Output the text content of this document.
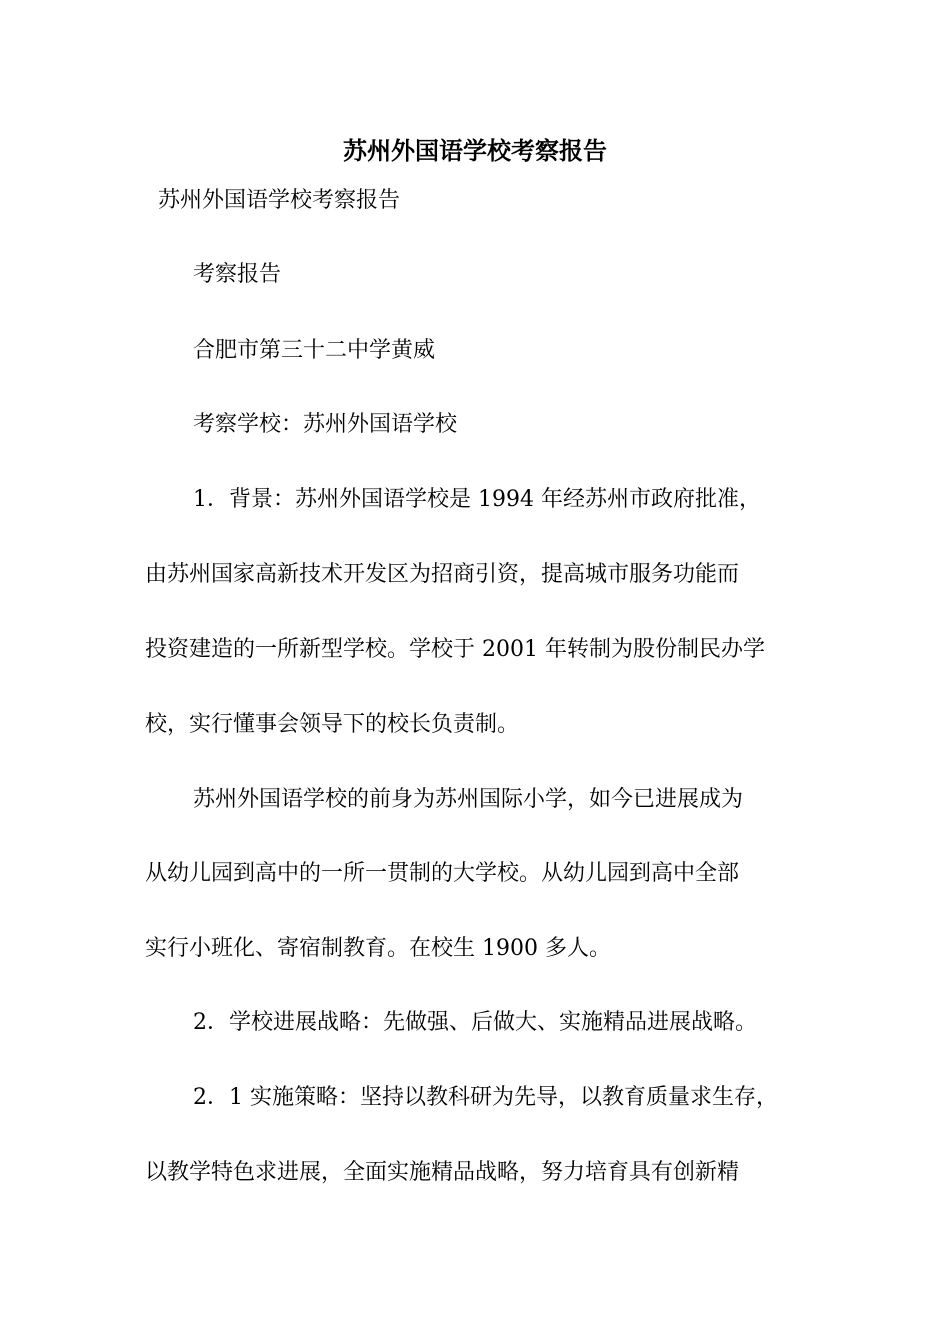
苏州外国语学校考察报告
苏州外国语学校考察报告
考察报告
合肥市第三十二中学黄威
考察学校：苏州外国语学校
1．背景：苏州外国语学校是 1994 年经苏州市政府批准，
由苏州国家高新技术开发区为招商引资，提高城市服务功能而
投资建造的一所新型学校。学校于 2001 年转制为股份制民办学
校，实行懂事会领导下的校长负责制。
苏州外国语学校的前身为苏州国际小学，如今已进展成为
从幼儿园到高中的一所一贯制的大学校。从幼儿园到高中全部
实行小班化、寄宿制教育。在校生 1900 多人。
2．学校进展战略：先做强、后做大、实施精品进展战略。
2．1 实施策略：坚持以教科研为先导，以教育质量求生存，
以教学特色求进展，全面实施精品战略，努力培育具有创新精
